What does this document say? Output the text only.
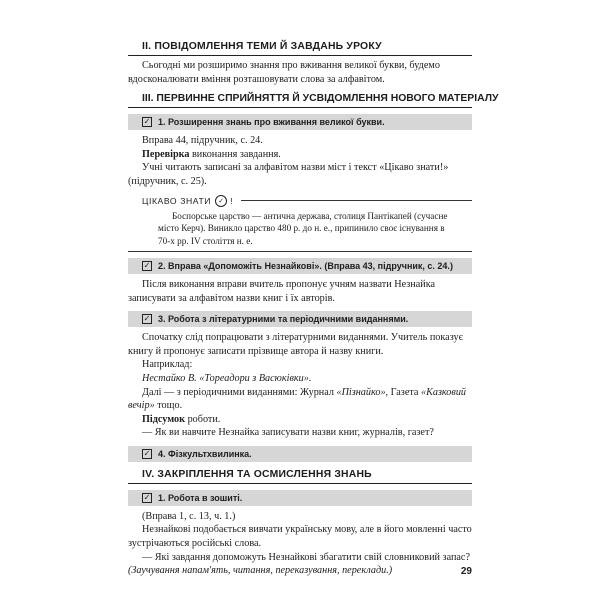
II. ПОВІДОМЛЕННЯ ТЕМИ Й ЗАВДАНЬ УРОКУ

Сьогодні ми розширимо знання про вживання великої букви, будемо вдосконалювати вміння розташовувати слова за алфавітом.

III. ПЕРВИННЕ СПРИЙНЯТТЯ Й УСВІДОМЛЕННЯ НОВОГО МАТЕРІАЛУ
✓ 1. Розширення знань про вживання великої букви.

Вправа 44, підручник, с. 24.

Перевірка виконання завдання.

Учні читають записані за алфавітом назви міст і текст «Цікаво знати!» (підручник, с. 25).

ЦІКАВО ЗНАТИ	✓ !

Боспорське царство — антична держава, столиця Пантікапей (сучасне місто Керч). Виникло царство 480 р. до н. е., припинило своє існування в 70-х рр. IV століття н. е.

✓ 2. Вправа «Допоможіть Незнайкові». (Вправа 43, підручник, с. 24.)

Після виконання вправи вчитель пропонує учням назвати Незнайка записувати за алфавітом назви книг і їх авторів.

✓ 3. Робота з літературними та періодичними виданнями.

Спочатку слід попрацювати з літературними виданнями. Учитель показує книгу й пропонує записати прізвище автора й назву книги.

Наприклад:

Нестайко В. «Тореадори з Васюківки».

Далі — з періодичними виданнями: Журнал «Пізнайко», Газета «Казковий вечір» тощо.

Підсумок роботи.

— Як ви навчите Незнайка записувати назви книг, журналів, газет?

✓ 4. Фізкультхвилинка.
IV. ЗАКРІПЛЕННЯ ТА ОСМИСЛЕННЯ ЗНАНЬ
✓ 1. Робота в зошиті.

(Вправа 1, с. 13, ч. 1.)

Незнайкові подобається вивчати українську мову, але в його мовленні часто зустрічаються російські слова.

— Які завдання допоможуть Незнайкові збагатити свій словниковий запас? (Заучування напам'ять, читання, переказування, переклади.)	29
